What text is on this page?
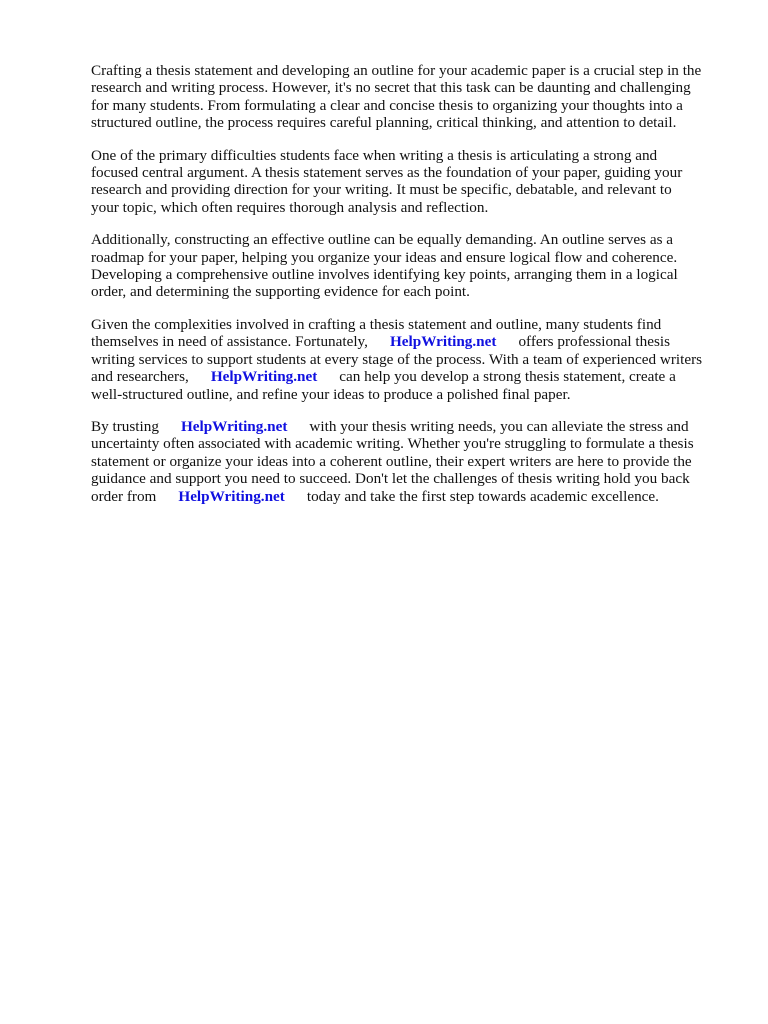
Crafting a thesis statement and developing an outline for your academic paper is a crucial step in the
research and writing process. However, it's no secret that this task can be daunting and challenging
for many students. From formulating a clear and concise thesis to organizing your thoughts into a
structured outline, the process requires careful planning, critical thinking, and attention to detail.

One of the primary difficulties students face when writing a thesis is articulating a strong and
focused central argument. A thesis statement serves as the foundation of your paper, guiding your
research and providing direction for your writing. It must be specific, debatable, and relevant to
your topic, which often requires thorough analysis and reflection.

Additionally, constructing an effective outline can be equally demanding. An outline serves as a
roadmap for your paper, helping you organize your ideas and ensure logical flow and coherence.
Developing a comprehensive outline involves identifying key points, arranging them in a logical
order, and determining the supporting evidence for each point.

Given the complexities involved in crafting a thesis statement and outline, many students find
themselves in need of assistance. Fortunately, HelpWriting.net offers professional thesis
writing services to support students at every stage of the process. With a team of experienced writers
and researchers, HelpWriting.net can help you develop a strong thesis statement, create a
well-structured outline, and refine your ideas to produce a polished final paper.

By trusting HelpWriting.net with your thesis writing needs, you can alleviate the stress and
uncertainty often associated with academic writing. Whether you're struggling to formulate a thesis
statement or organize your ideas into a coherent outline, their expert writers are here to provide the
guidance and support you need to succeed. Don't let the challenges of thesis writing hold you back
order from HelpWriting.net today and take the first step towards academic excellence.
